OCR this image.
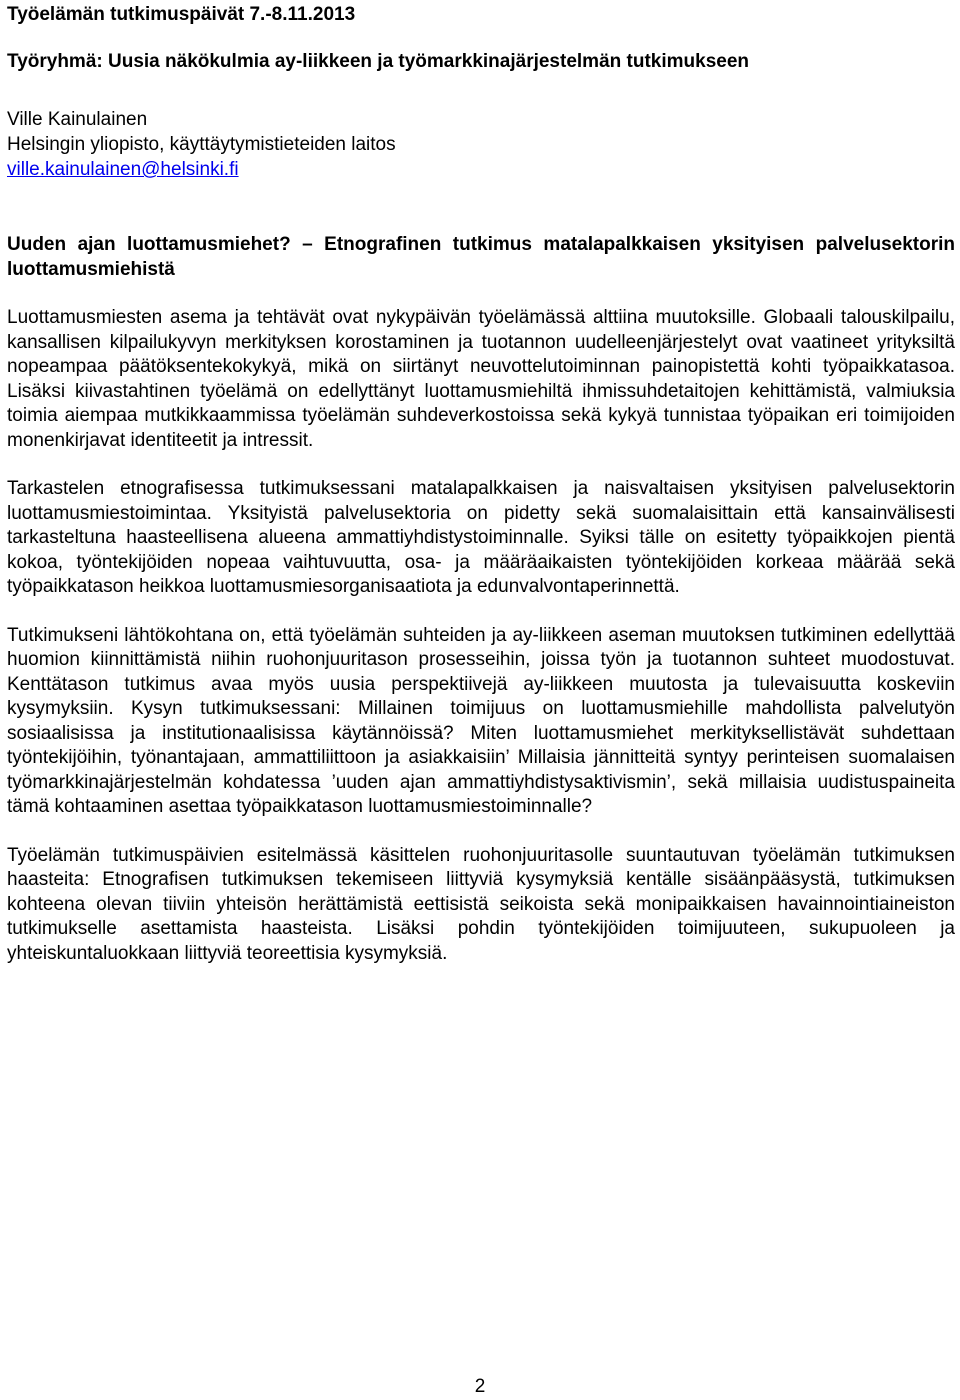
Työelämän tutkimuspäivät 7.-8.11.2013
Työryhmä: Uusia näkökulmia ay-liikkeen ja työmarkkinajärjestelmän tutkimukseen
Ville Kainulainen
Helsingin yliopisto, käyttäytymistieteiden laitos
ville.kainulainen@helsinki.fi
Uuden ajan luottamusmiehet? – Etnografinen tutkimus matalapalkkaisen yksityisen palvelusektorin luottamusmiehistä

Luottamusmiesten asema ja tehtävät ovat nykypäivän työelämässä alttiina muutoksille. Globaali talouskilpailu, kansallisen kilpailukyvyn merkityksen korostaminen ja tuotannon uudelleenjärjestelyt ovat vaatineet yrityksiltä nopeampaa päätöksentekokykyä, mikä on siirtänyt neuvottelutoiminnan painopistettä kohti työpaikkatasoa. Lisäksi kiivastahtinen työelämä on edellyttänyt luottamusmiehiltä ihmissuhdetaitojen kehittämistä, valmiuksia toimia aiempaa mutkikkaammissa työelämän suhdeverkostoissa sekä kykyä tunnistaa työpaikan eri toimijoiden monenkirjavat identiteetit ja intressit.

Tarkastelen etnografisessa tutkimuksessani matalapalkkaisen ja naisvaltaisen yksityisen palvelusektorin luottamusmiestoimintaa. Yksityistä palvelusektoria on pidetty sekä suomalaisittain että kansainvälisesti tarkasteltuna haasteellisena alueena ammattiyhdistystoiminnalle. Syiksi tälle on esitetty työpaikkojen pientä kokoa, työntekijöiden nopeaa vaihtuvuutta, osa- ja määräaikaisten työntekijöiden korkeaa määrää sekä työpaikkatason heikkoa luottamusmiesorganisaatiota ja edunvalvontaperinnettä.

Tutkimukseni lähtökohtana on, että työelämän suhteiden ja ay-liikkeen aseman muutoksen tutkiminen edellyttää huomion kiinnittämistä niihin ruohonjuuritason prosesseihin, joissa työn ja tuotannon suhteet muodostuvat. Kenttätason tutkimus avaa myös uusia perspektiivejä ay-liikkeen muutosta ja tulevaisuutta koskeviin kysymyksiin. Kysyn tutkimuksessani: Millainen toimijuus on luottamusmiehille mahdollista palvelutyön sosiaalisissa ja institutionaalisissa käytännöissä? Miten luottamusmiehet merkityksellistävät suhdettaan työntekijöihin, työnantajaan, ammattiliittoon ja asiakkaisiin’ Millaisia jännitteitä syntyy perinteisen suomalaisen työmarkkinajärjestelmän kohdatessa ’uuden ajan ammattiyhdistysaktivismin’, sekä millaisia uudistuspaineita tämä kohtaaminen asettaa työpaikkatason luottamusmiestoiminnalle?

Työelämän tutkimuspäivien esitelmässä käsittelen ruohonjuuritasolle suuntautuvan työelämän tutkimuksen haasteita: Etnografisen tutkimuksen tekemiseen liittyviä kysymyksiä kentälle sisäänpääsystä, tutkimuksen kohteena olevan tiiviin yhteisön herättämistä eettisistä seikoista sekä monipaikkaisen havainnointiaineiston tutkimukselle asettamista haasteista. Lisäksi pohdin työntekijöiden toimijuuteen, sukupuoleen ja yhteiskuntaluokkaan liittyviä teoreettisia kysymyksiä.

2
